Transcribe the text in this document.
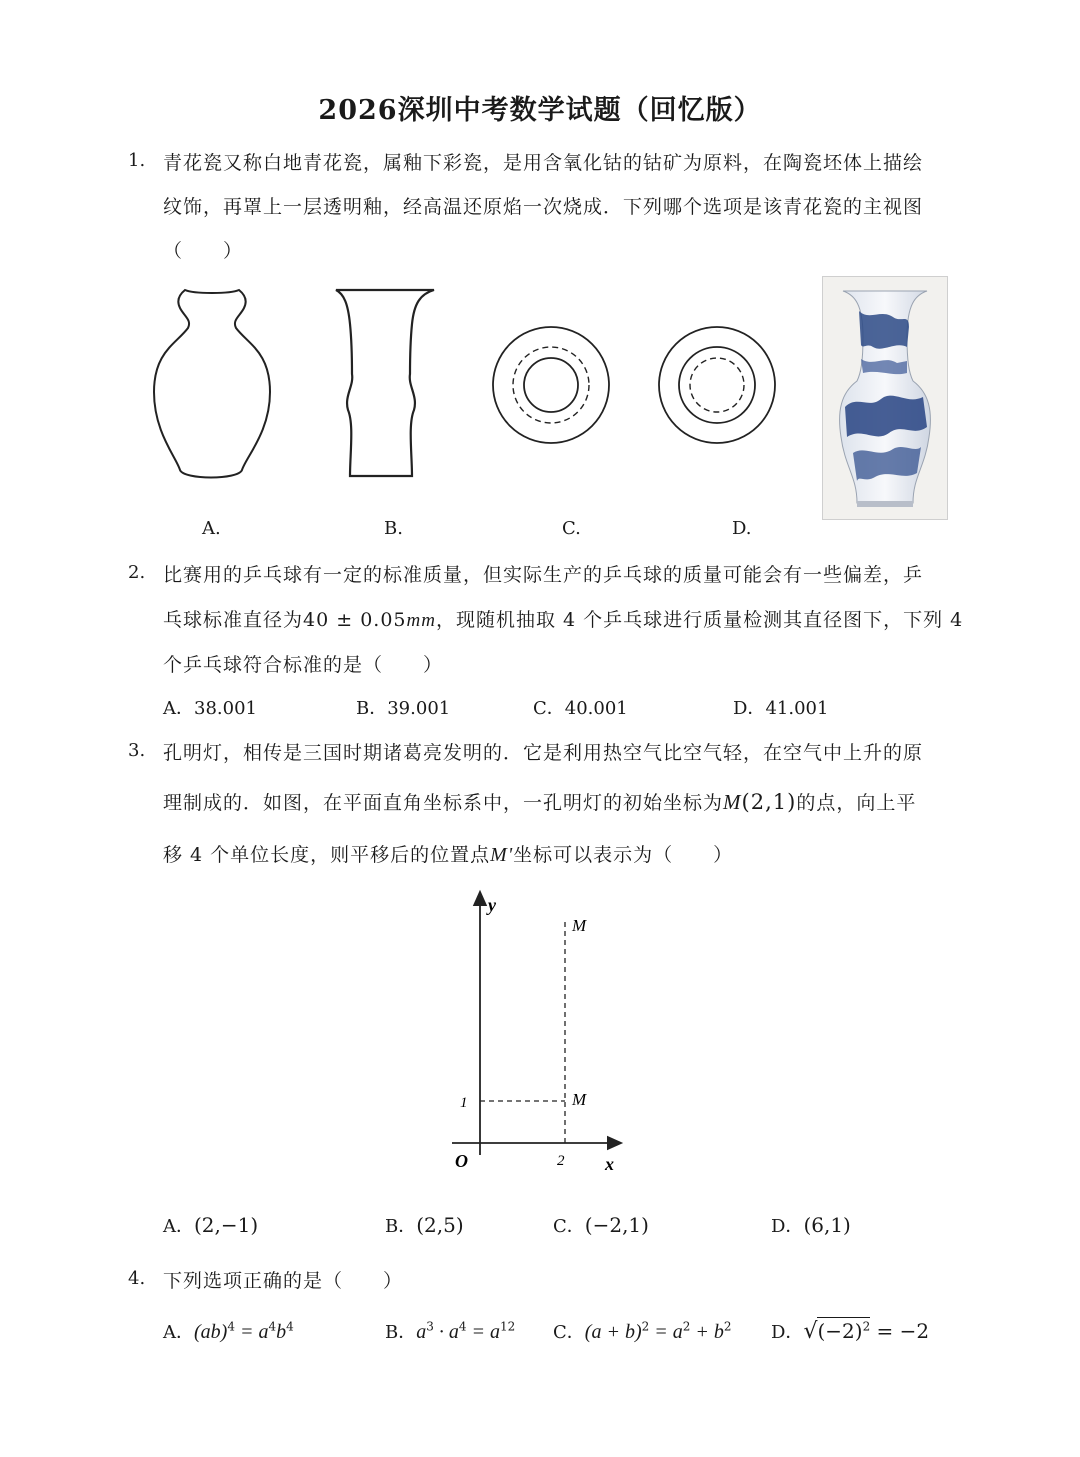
2026深圳中考数学试题（回忆版）
1. 青花瓷又称白地青花瓷，属釉下彩瓷，是用含氧化钴的钴矿为原料，在陶瓷坯体上描绘
纹饰，再罩上一层透明釉，经高温还原焰一次烧成．下列哪个选项是该青花瓷的主视图
（　　）
A.	B.	C.	D.
2. 比赛用的乒乓球有一定的标准质量，但实际生产的乒乓球的质量可能会有一些偏差，乒
乓球标准直径为40 ± 0.05mm，现随机抽取 4 个乒乓球进行质量检测其直径图下，下列 4
个乒乓球符合标准的是（　　）
A．38.001	B．39.001	C．40.001	D．41.001
3. 孔明灯，相传是三国时期诸葛亮发明的．它是利用热空气比空气轻，在空气中上升的原
理制成的．如图，在平面直角坐标系中，一孔明灯的初始坐标为M(2,1)的点，向上平
移 4 个单位长度，则平移后的位置点M'坐标可以表示为（　　）
y
x
O	2
1	M
M
A．(2,−1)	B．(2,5)	C．(−2,1)	D．(6,1)
4. 下列选项正确的是（　　）
A．$(ab)^4 = a^4b^4$	B．$a^3 \cdot a^4 = a^{12}$ C．$(a + b)^2 = a^2 + b^2$ D．$√(-2)^2 = -2$
